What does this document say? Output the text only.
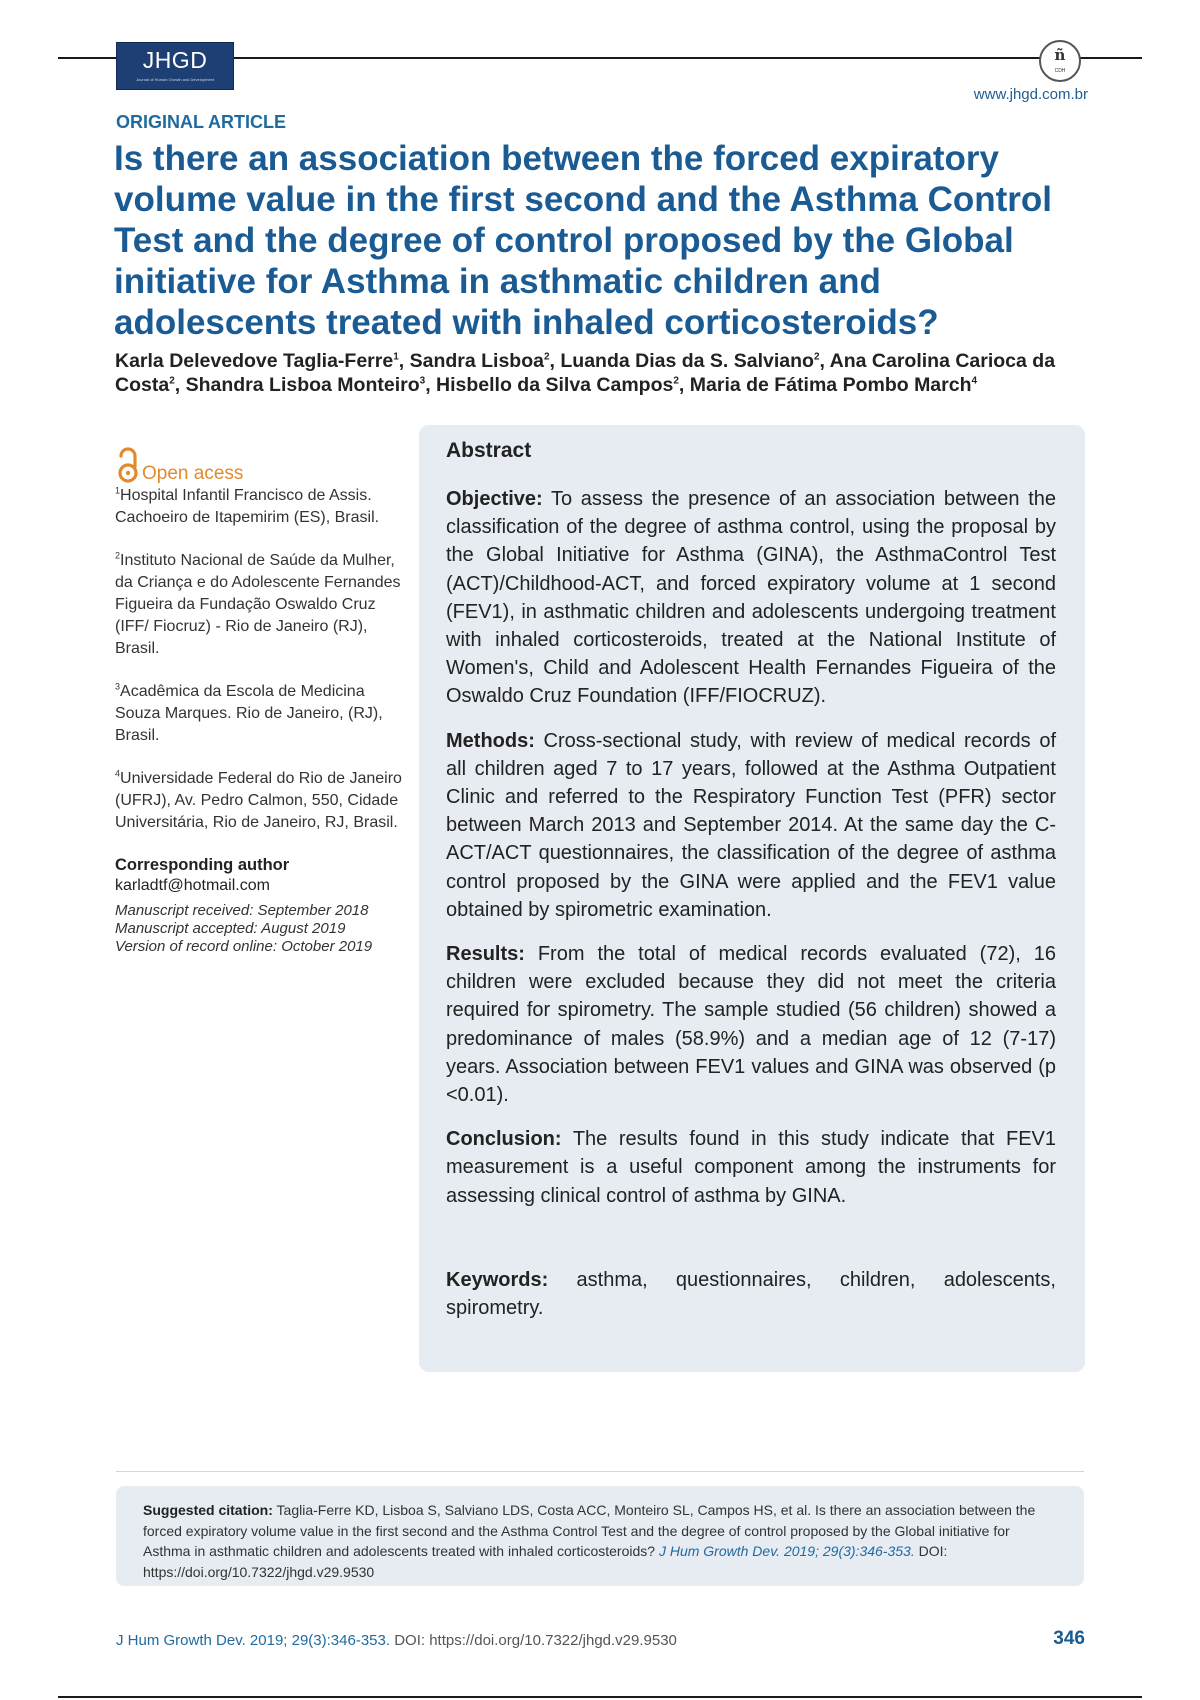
JHGD
Journal of Human Growth and Development
ñ
CDH
www.jhgd.com.br
ORIGINAL ARTICLE
Is there an association between the forced expiratory volume value in the first second and the Asthma Control Test and the degree of control proposed by the Global initiative for Asthma in asthmatic children and adolescents treated with inhaled corticosteroids?

Karla Delevedove Taglia-Ferre$^1$, Sandra Lisboa$^2$, Luanda Dias da S. Salviano$^2$, Ana Carolina Carioca da Costa$^2$, Shandra Lisboa Monteiro$^3$, Hisbello da Silva Campos$^2$, Maria de Fátima Pombo March$^4$

Open acess

$^1$Hospital Infantil Francisco de Assis. Cachoeiro de Itapemirim (ES), Brasil.

$^2$Instituto Nacional de Saúde da Mulher, da Criança e do Adolescente Fernandes Figueira da Fundação Oswaldo Cruz (IFF/ Fiocruz) - Rio de Janeiro (RJ), Brasil.

$^3$Acadêmica da Escola de Medicina Souza Marques. Rio de Janeiro, (RJ), Brasil.

$^4$Universidade Federal do Rio de Janeiro (UFRJ), Av. Pedro Calmon, 550, Cidade Universitária, Rio de Janeiro, RJ, Brasil.

Corresponding author
karladtf@hotmail.com
Manuscript received: September 2018
Manuscript accepted: August 2019
Version of record online: October 2019
Abstract

Objective: To assess the presence of an association between the classification of the degree of asthma control, using the proposal by the Global Initiative for Asthma (GINA), the AsthmaControl Test (ACT)/Childhood-ACT, and forced expiratory volume at 1 second (FEV1), in asthmatic children and adolescents undergoing treatment with inhaled corticosteroids, treated at the National Institute of Women's, Child and Adolescent Health Fernandes Figueira of the Oswaldo Cruz Foundation (IFF/FIOCRUZ).

Methods: Cross-sectional study, with review of medical records of all children aged 7 to 17 years, followed at the Asthma Outpatient Clinic and referred to the Respiratory Function Test (PFR) sector between March 2013 and September 2014. At the same day the C-ACT/ACT questionnaires, the classification of the degree of asthma control proposed by the GINA were applied and the FEV1 value obtained by spirometric examination.

Results: From the total of medical records evaluated (72), 16 children were excluded because they did not meet the criteria required for spirometry. The sample studied (56 children) showed a predominance of males (58.9%) and a median age of 12 (7-17) years. Association between FEV1 values and GINA was observed (p <0.01).

Conclusion: The results found in this study indicate that FEV1 measurement is a useful component among the instruments for assessing clinical control of asthma by GINA.

Keywords: asthma, questionnaires, children, adolescents, spirometry.

Suggested citation: Taglia-Ferre KD, Lisboa S, Salviano LDS, Costa ACC, Monteiro SL, Campos HS, et al. Is there an association between the forced expiratory volume value in the first second and the Asthma Control Test and the degree of control proposed by the Global initiative for Asthma in asthmatic children and adolescents treated with inhaled corticosteroids? J Hum Growth Dev. 2019; 29(3):346-353. DOI: https://doi.org/10.7322/jhgd.v29.9530
J Hum Growth Dev. 2019; 29(3):346-353. DOI: https://doi.org/10.7322/jhgd.v29.9530	346
